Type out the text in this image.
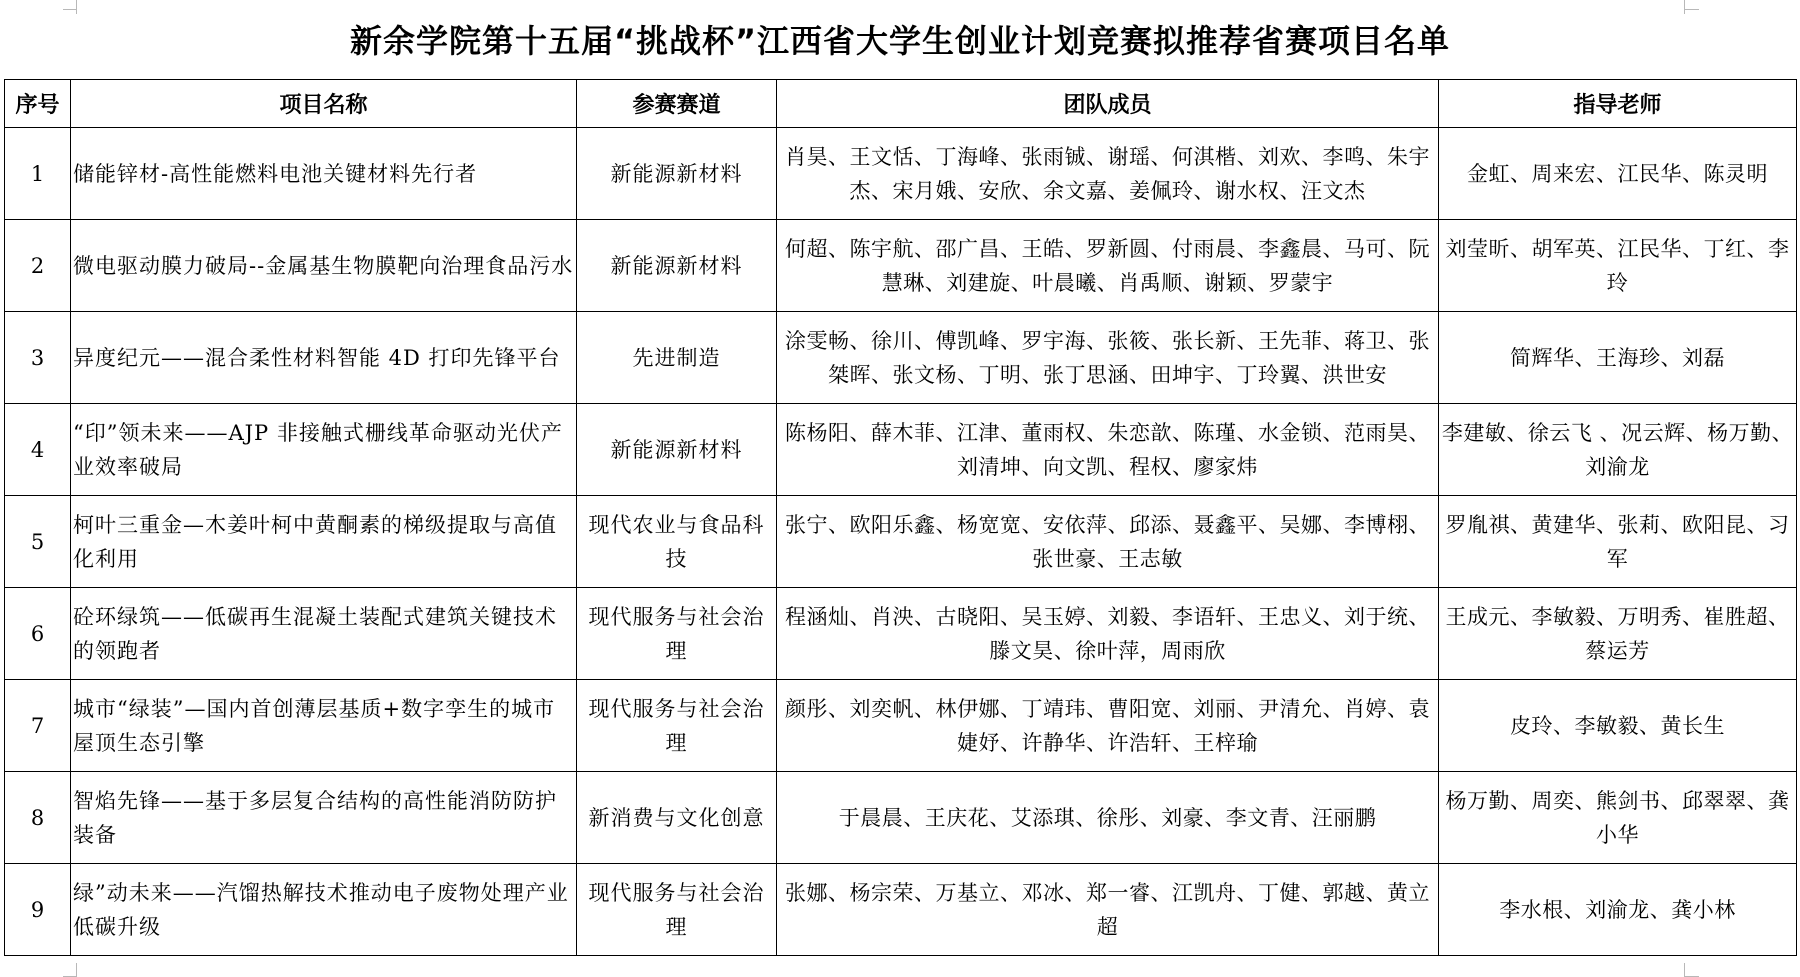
新余学院第十五届“挑战杯”江西省大学生创业计划竞赛拟推荐省赛项目名单
序号	项目名称	参赛赛道	团队成员	指导老师
1	储能锌材-高性能燃料电池关键材料先行者	新能源新材料	肖昊、王文恬、丁海峰、张雨铖、谢瑶、何淇楷、刘欢、李鸣、朱宇杰、宋月娥、安欣、余文嘉、姜佩玲、谢水权、汪文杰	金虹、周来宏、江民华、陈灵明
2	微电驱动膜力破局--金属基生物膜靶向治理食品污水	新能源新材料	何超、陈宇航、邵广昌、王皓、罗新圆、付雨晨、李鑫晨、马可、阮慧琳、刘建旋、叶晨曦、肖禹顺、谢颖、罗蒙宇	刘莹昕、胡军英、江民华、丁红、李玲
3	异度纪元——混合柔性材料智能 4D 打印先锋平台	先进制造	涂雯畅、徐川、傅凯峰、罗宇海、张筱、张长新、王先菲、蒋卫、张桀晖、张文杨、丁明、张丁思涵、田坤宇、丁玲翼、洪世安	简辉华、王海珍、刘磊
4	“印”领未来——AJP 非接触式栅线革命驱动光伏产业效率破局	新能源新材料	陈杨阳、薛木菲、江津、董雨权、朱恋歆、陈瑾、水金锁、范雨昊、刘清坤、向文凯、程权、廖家炜	李建敏、徐云飞 、况云辉、杨万勤、刘渝龙
5	柯叶三重金—木姜叶柯中黄酮素的梯级提取与高值化利用	现代农业与食品科技	张宁、欧阳乐鑫、杨宽宽、安依萍、邱添、聂鑫平、吴娜、李博栩、张世豪、王志敏	罗胤祺、黄建华、张莉、欧阳昆、习军
6	砼环绿筑——低碳再生混凝土装配式建筑关键技术的领跑者	现代服务与社会治理	程涵灿、肖泱、古晓阳、吴玉婷、刘毅、李语轩、王忠义、刘于统、滕文昊、徐叶萍，周雨欣	王成元、李敏毅、万明秀、崔胜超、蔡运芳
7	城市“绿装”—国内首创薄层基质+数字孪生的城市屋顶生态引擎	现代服务与社会治理	颜彤、刘奕帆、林伊娜、丁靖玮、曹阳宽、刘丽、尹清允、肖婷、袁婕妤、许静华、许浩轩、王梓瑜	皮玲、李敏毅、黄长生
8	智焰先锋——基于多层复合结构的高性能消防防护装备	新消费与文化创意	于晨晨、王庆花、艾添琪、徐彤、刘豪、李文青、汪丽鹏	杨万勤、周奕、熊剑书、邱翠翠、龚小华
9	绿”动未来——汽馏热解技术推动电子废物处理产业低碳升级	现代服务与社会治理	张娜、杨宗荣、万基立、邓冰、郑一睿、江凯舟、丁健、郭越、黄立超	李水根、刘渝龙、龚小林
